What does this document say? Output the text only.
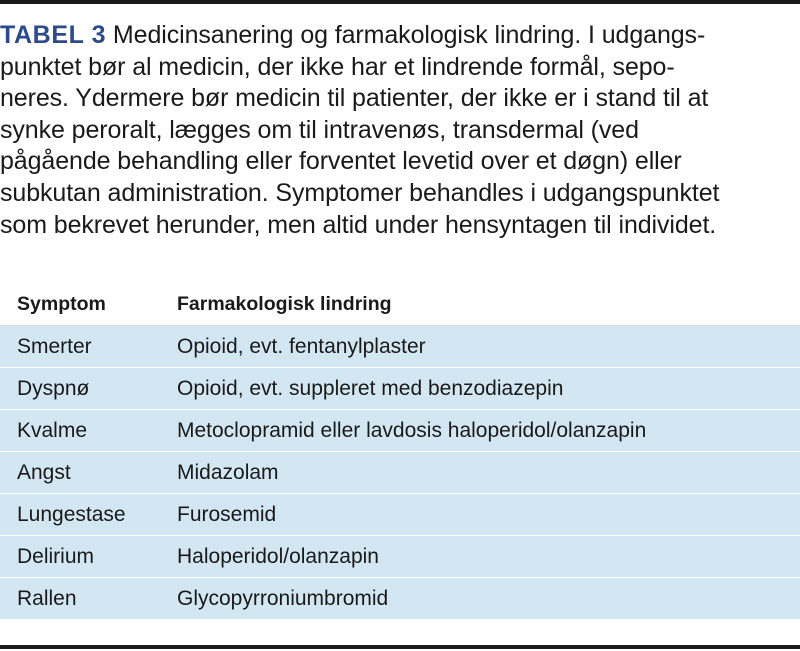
TABEL 3 Medicinsanering og farmakologisk lindring. I udgangs-
punktet bør al medicin, der ikke har et lindrende formål, sepo-
neres. Ydermere bør medicin til patienter, der ikke er i stand til at
synke peroralt, lægges om til intravenøs, transdermal (ved
pågående behandling eller forventet levetid over et døgn) eller
subkutan administration. Symptomer behandles i udgangspunktet
som bekrevet herunder, men altid under hensyntagen til individet.
Symptom	Farmakologisk lindring
Smerter	Opioid, evt. fentanylplaster
Dyspnø	Opioid, evt. suppleret med benzodiazepin
Kvalme	Metoclopramid eller lavdosis haloperidol/olanzapin
Angst	Midazolam
Lungestase	Furosemid
Delirium	Haloperidol/olanzapin
Rallen	Glycopyrroniumbromid
